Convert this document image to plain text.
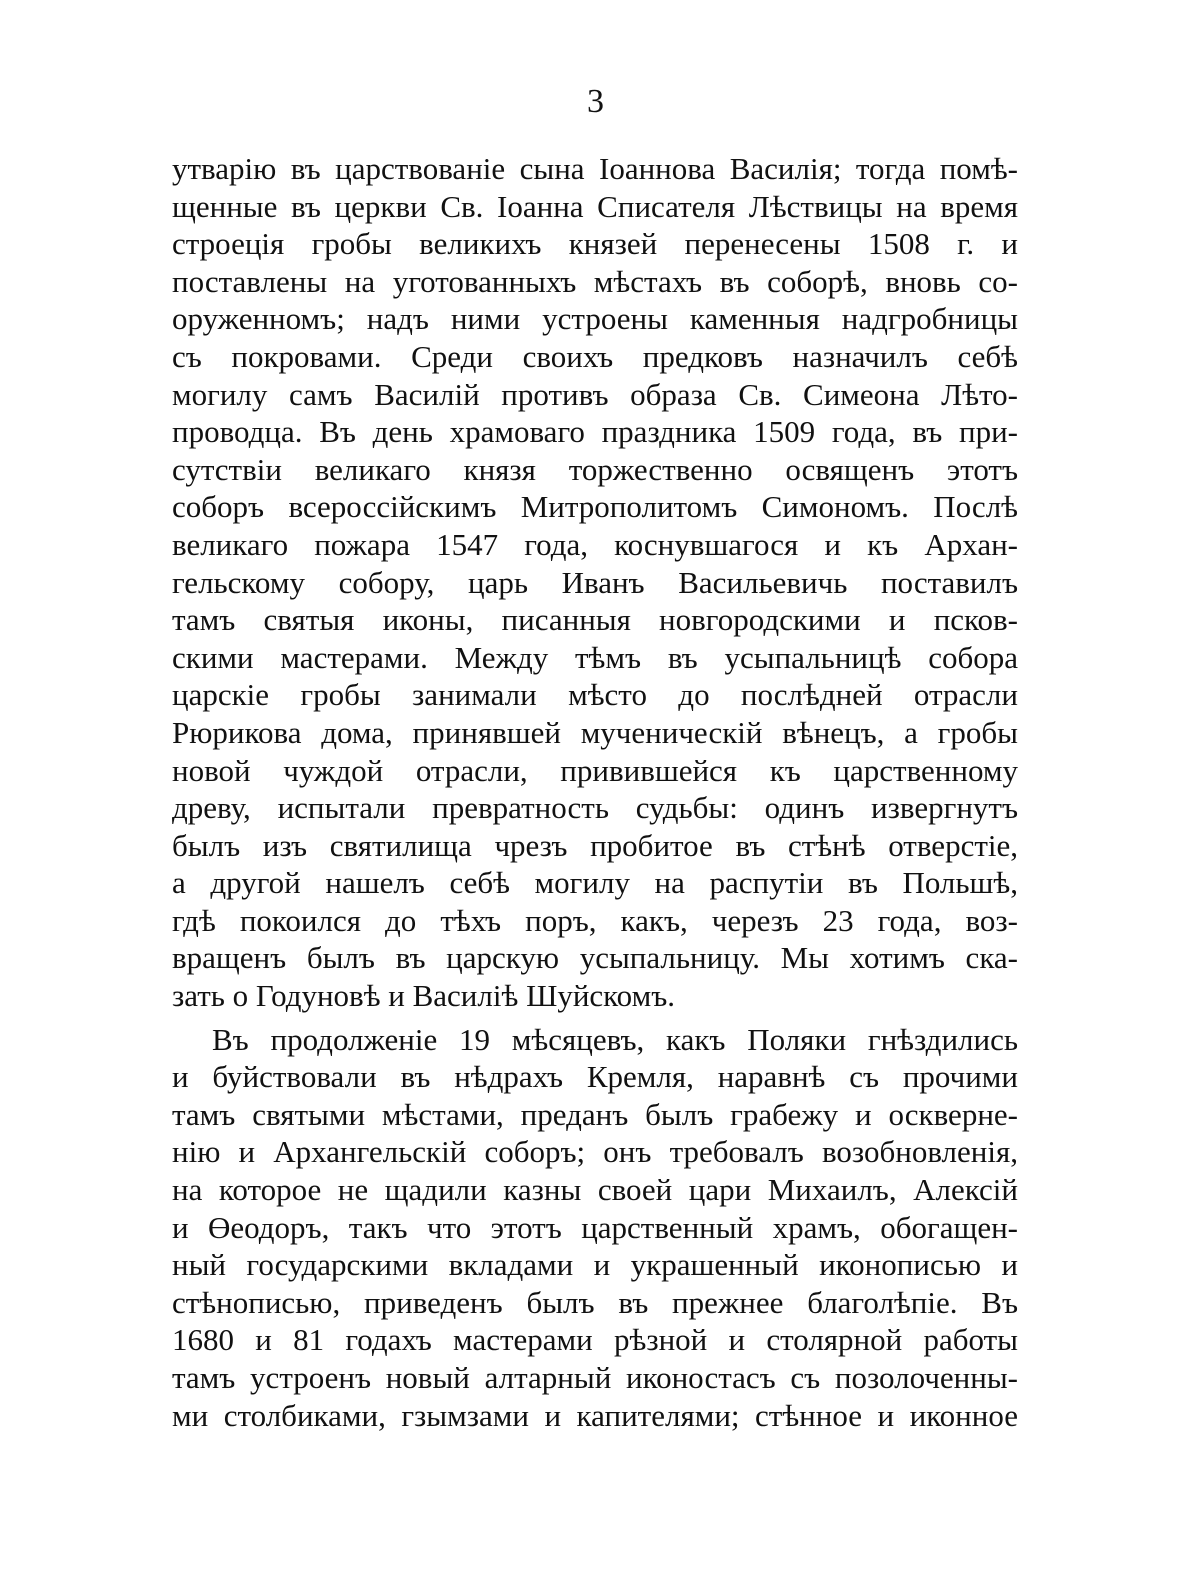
3
утварію въ царствованіе сына Іоаннова Василія; тогда помѣ-
щенные въ церкви Св. Іоанна Списателя Лѣствицы на время
строеція гробы великихъ князей перенесены 1508 г. и
поставлены на уготованныхъ мѣстахъ въ соборѣ, вновь со-
оруженномъ; надъ ними устроены каменныя надгробницы
съ покровами. Среди своихъ предковъ назначилъ себѣ
могилу самъ Василій противъ образа Св. Симеона Лѣто-
проводца. Въ день храмоваго праздника 1509 года, въ при-
сутствіи великаго князя торжественно освященъ этотъ
соборъ всероссійскимъ Митрополитомъ Симономъ. Послѣ
великаго пожара 1547 года, коснувшагося и къ Архан-
гельскому собору, царь Иванъ Васильевичь поставилъ
тамъ святыя иконы, писанныя новгородскими и псков-
скими мастерами. Между тѣмъ въ усыпальницѣ собора
царскіе гробы занимали мѣсто до послѣдней отрасли
Рюрикова дома, принявшей мученическій вѣнецъ, а гробы
новой чуждой отрасли, привившейся къ царственному
древу, испытали превратность судьбы: одинъ извергнутъ
былъ изъ святилища чрезъ пробитое въ стѣнѣ отверстіе,
а другой нашелъ себѣ могилу на распутіи въ Польшѣ,
гдѣ покоился до тѣхъ поръ, какъ, черезъ 23 года, воз-
вращенъ былъ въ царскую усыпальницу. Мы хотимъ ска-
зать о Годуновѣ и Василіѣ Шуйскомъ.
Въ продолженіе 19 мѣсяцевъ, какъ Поляки гнѣздились
и буйствовали въ нѣдрахъ Кремля, наравнѣ съ прочими
тамъ святыми мѣстами, преданъ былъ грабежу и оскверне-
нію и Архангельскій соборъ; онъ требовалъ возобновленія,
на которое не щадили казны своей цари Михаилъ, Алексій
и Өеодоръ, такъ что этотъ царственный храмъ, обогащен-
ный государскими вкладами и украшенный иконописью и
стѣнописью, приведенъ былъ въ прежнее благолѣпіе. Въ
1680 и 81 годахъ мастерами рѣзной и столярной работы
тамъ устроенъ новый алтарный иконостасъ съ позолоченны-
ми столбиками, гзымзами и капителями; стѣнное и иконное
